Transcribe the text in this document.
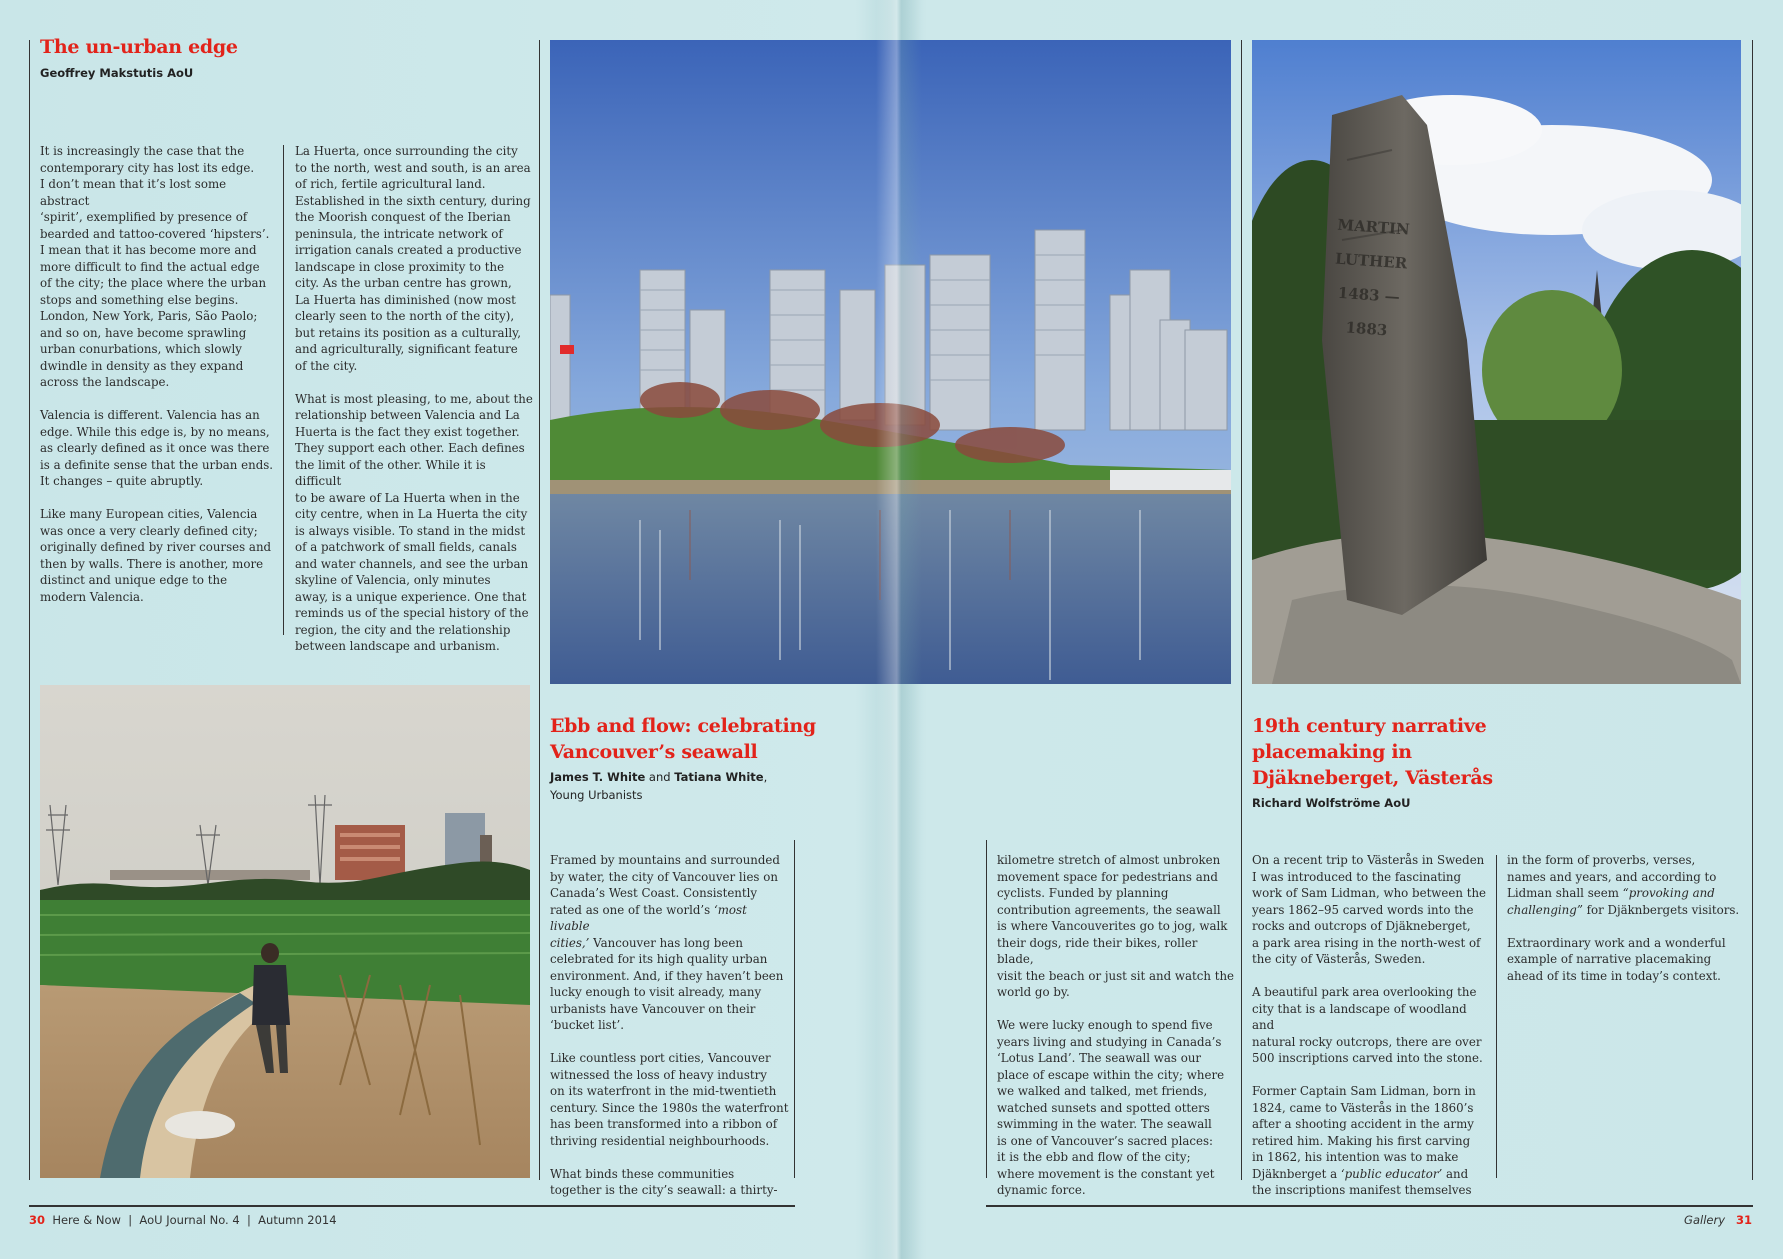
The un-urban edge
Geoffrey Makstutis AoU

It is increasingly the case that the
contemporary city has lost its edge.
I don’t mean that it’s lost some abstract
‘spirit’, exemplified by presence of
bearded and tattoo-covered ‘hipsters’.
I mean that it has become more and
more difficult to find the actual edge
of the city; the place where the urban
stops and something else begins.
London, New York, Paris, São Paolo;
and so on, have become sprawling
urban conurbations, which slowly
dwindle in density as they expand
across the landscape.

Valencia is different. Valencia has an
edge. While this edge is, by no means,
as clearly defined as it once was there
is a definite sense that the urban ends.
It changes – quite abruptly.

Like many European cities, Valencia
was once a very clearly defined city;
originally defined by river courses and
then by walls. There is another, more
distinct and unique edge to the
modern Valencia.

La Huerta, once surrounding the city
to the north, west and south, is an area
of rich, fertile agricultural land.
Established in the sixth century, during
the Moorish conquest of the Iberian
peninsula, the intricate network of
irrigation canals created a productive
landscape in close proximity to the
city. As the urban centre has grown,
La Huerta has diminished (now most
clearly seen to the north of the city),
but retains its position as a culturally,
and agriculturally, significant feature
of the city.

What is most pleasing, to me, about the
relationship between Valencia and La
Huerta is the fact they exist together.
They support each other. Each defines
the limit of the other. While it is difficult
to be aware of La Huerta when in the
city centre, when in La Huerta the city
is always visible. To stand in the midst
of a patchwork of small fields, canals
and water channels, and see the urban
skyline of Valencia, only minutes
away, is a unique experience. One that
reminds us of the special history of the
region, the city and the relationship
between landscape and urbanism.

Ebb and flow: celebrating
Vancouver’s seawall
James T. White and Tatiana White,
Young Urbanists

Framed by mountains and surrounded
by water, the city of Vancouver lies on
Canada’s West Coast. Consistently
rated as one of the world’s ‘most livable
cities,’ Vancouver has long been
celebrated for its high quality urban
environment. And, if they haven’t been
lucky enough to visit already, many
urbanists have Vancouver on their
‘bucket list’.

Like countless port cities, Vancouver
witnessed the loss of heavy industry
on its waterfront in the mid-twentieth
century. Since the 1980s the waterfront
has been transformed into a ribbon of
thriving residential neighbourhoods.

What binds these communities
together is the city’s seawall: a thirty-

30 Here & Now  |  AoU Journal No. 4  |  Autumn 2014

kilometre stretch of almost unbroken
movement space for pedestrians and
cyclists. Funded by planning
contribution agreements, the seawall
is where Vancouverites go to jog, walk
their dogs, ride their bikes, roller blade,
visit the beach or just sit and watch the
world go by.

We were lucky enough to spend five
years living and studying in Canada’s
‘Lotus Land’. The seawall was our
place of escape within the city; where
we walked and talked, met friends,
watched sunsets and spotted otters
swimming in the water. The seawall
is one of Vancouver’s sacred places:
it is the ebb and flow of the city;
where movement is the constant yet
dynamic force.

MARTIN
LUTHER
1483 — 1883
19th century narrative
placemaking in
Djäkneberget, Västerås
Richard Wolfströme AoU

On a recent trip to Västerås in Sweden
I was introduced to the fascinating
work of Sam Lidman, who between the
years 1862–95 carved words into the
rocks and outcrops of Djäkneberget,
a park area rising in the north-west of
the city of Västerås, Sweden.

A beautiful park area overlooking the
city that is a landscape of woodland and
natural rocky outcrops, there are over
500 inscriptions carved into the stone.

Former Captain Sam Lidman, born in
1824, came to Västerås in the 1860’s
after a shooting accident in the army
retired him. Making his first carving
in 1862, his intention was to make
Djäknberget a ‘public educator’ and
the inscriptions manifest themselves

in the form of proverbs, verses,
names and years, and according to
Lidman shall seem “provoking and
challenging” for Djäknbergets visitors.

Extraordinary work and a wonderful
example of narrative placemaking
ahead of its time in today’s context.

Gallery 31
